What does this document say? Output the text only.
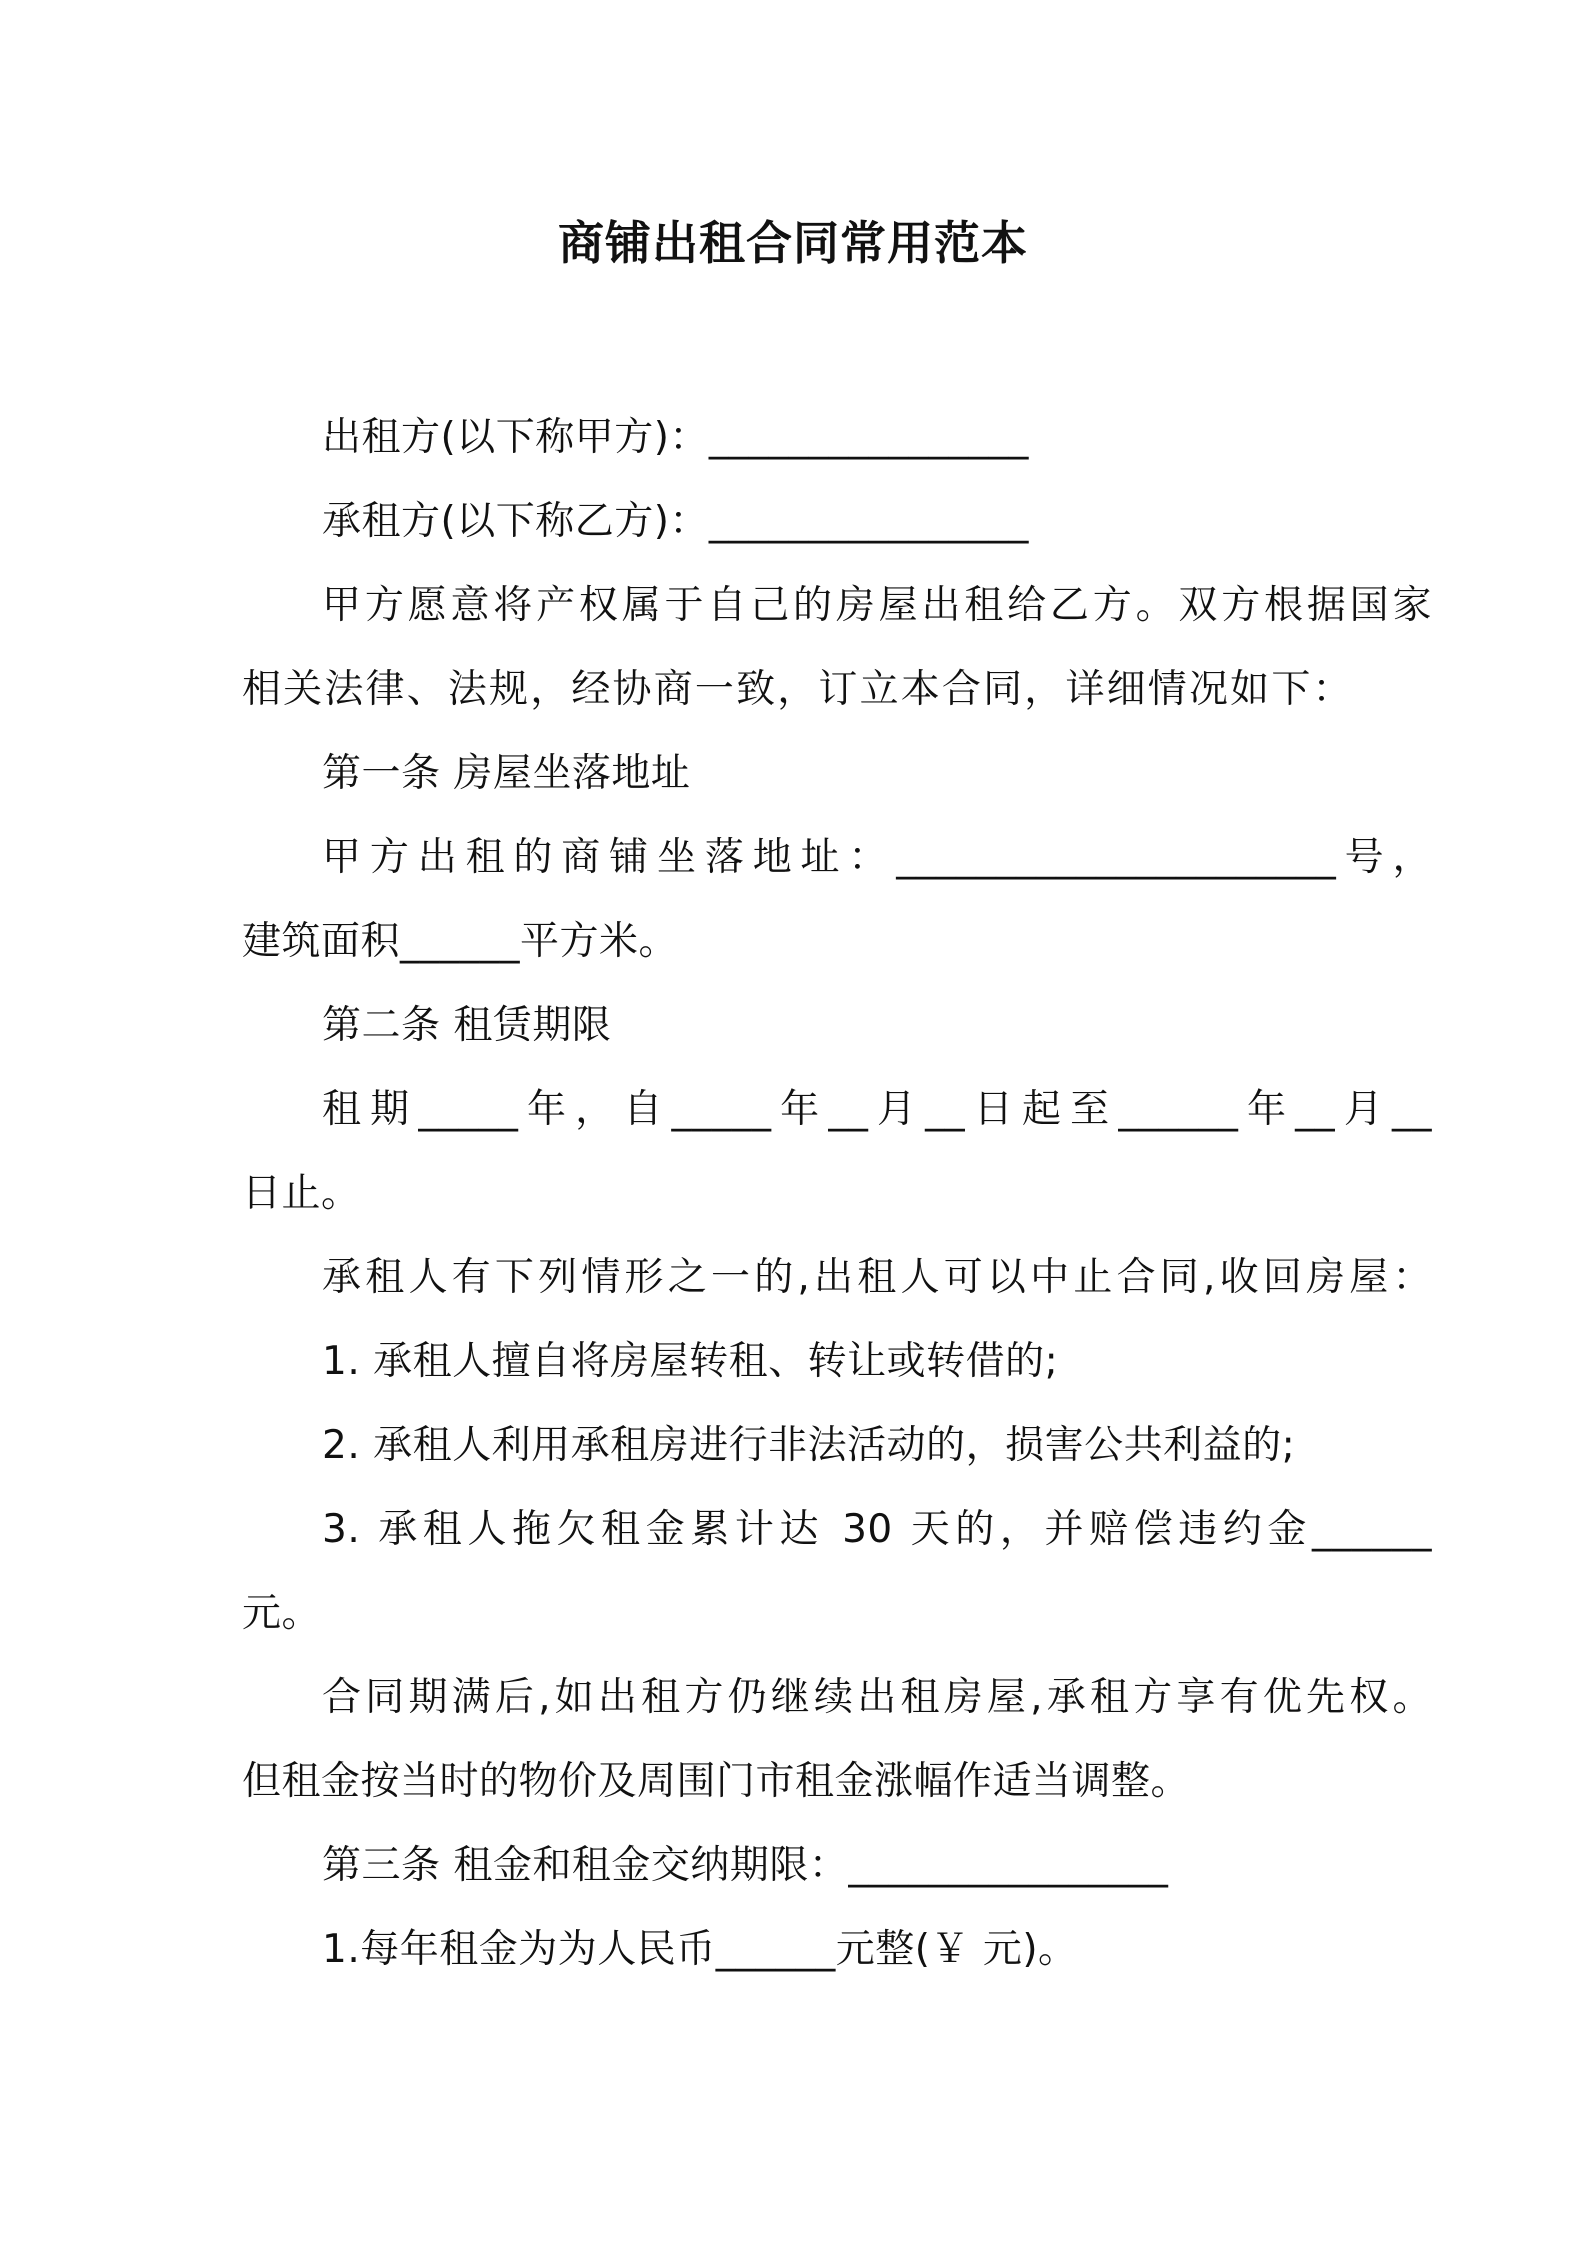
商铺出租合同常用范本
出租方(以下称甲方)：________________
承租方(以下称乙方)：________________
甲方愿意将产权属于自己的房屋出租给乙方。双方根据国家
相关法律、法规，经协商一致，订立本合同，详细情况如下：
第一条 房屋坐落地址
甲方出租的商铺坐落地址：______________________号，
建筑面积______平方米。
第二条 租赁期限
租期_____年，自_____年__月__日起至______年__月__
日止。
承租人有下列情形之一的,出租人可以中止合同,收回房屋：
1. 承租人擅自将房屋转租、转让或转借的;
2. 承租人利用承租房进行非法活动的，损害公共利益的;
3. 承租人拖欠租金累计达 30 天的，并赔偿违约金______
元。
合同期满后,如出租方仍继续出租房屋,承租方享有优先权。
但租金按当时的物价及周围门市租金涨幅作适当调整。
第三条 租金和租金交纳期限：________________
1.每年租金为为人民币______元整(￥ 元)。
